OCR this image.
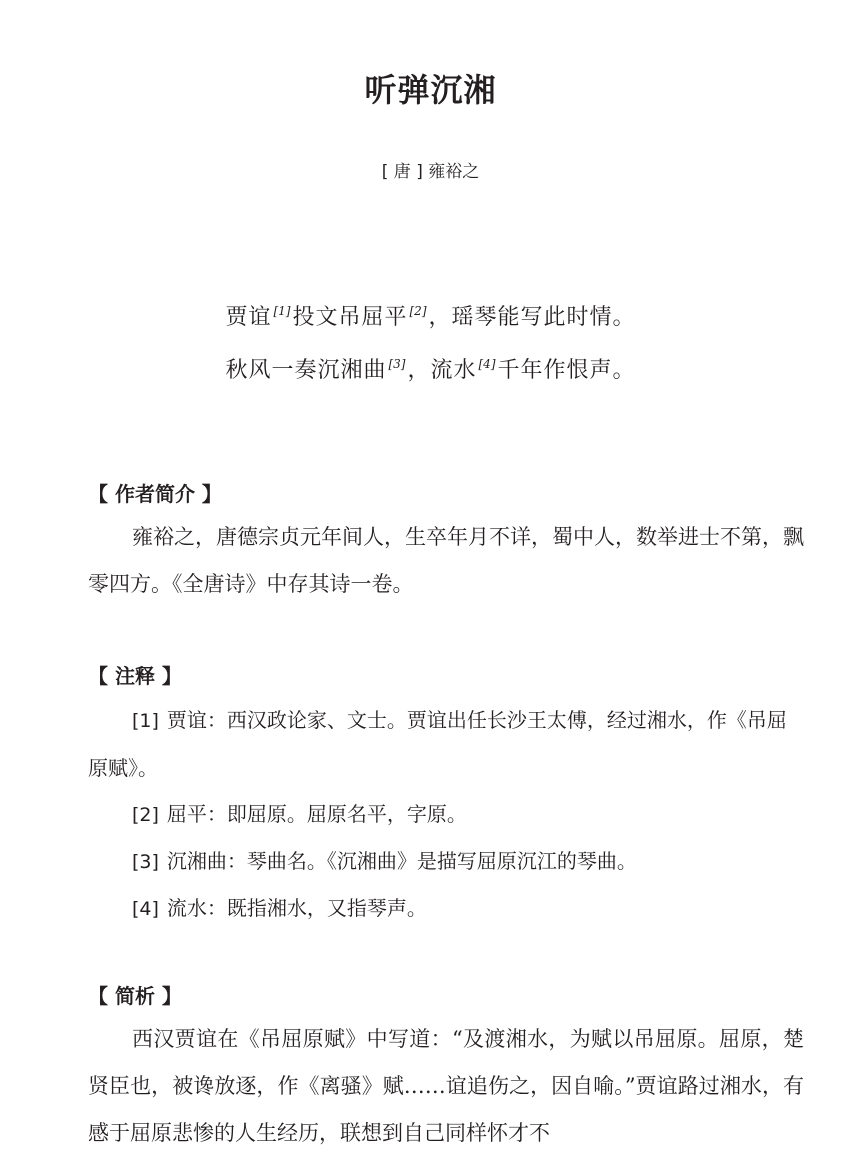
听弹沉湘
[ 唐 ] 雍裕之
贾谊 [1]投文吊屈平 [2]，瑶琴能写此时情。
秋风一奏沉湘曲 [3]，流水 [4]千年作恨声。
【 作者简介 】
雍裕之，唐德宗贞元年间人，生卒年月不详，蜀中人，数举进士不第，飘零四方。《全唐诗》中存其诗一卷。
【 注释 】
[1] 贾谊：西汉政论家、文士。贾谊出任长沙王太傅，经过湘水，作《吊屈原赋》。
[2] 屈平：即屈原。屈原名平，字原。
[3] 沉湘曲：琴曲名。《沉湘曲》是描写屈原沉江的琴曲。
[4] 流水：既指湘水，又指琴声。
【 简析 】
西汉贾谊在《吊屈原赋》中写道：“及渡湘水，为赋以吊屈原。屈原，楚贤臣也，被谗放逐，作《离骚》赋……谊追伤之，因自喻。”贾谊路过湘水，有感于屈原悲惨的人生经历，联想到自己同样怀才不
